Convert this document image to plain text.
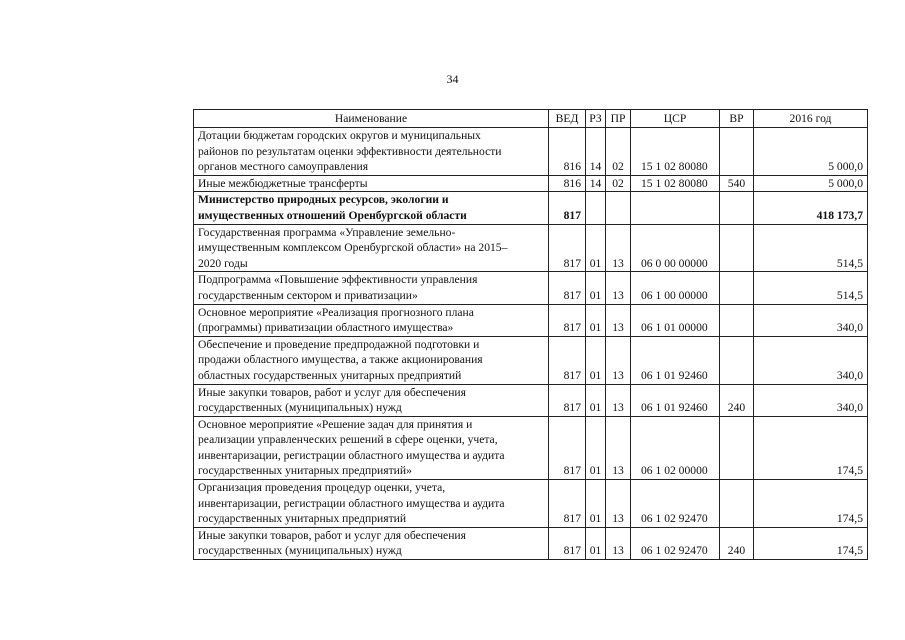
34
Наименование	ВЕД	РЗ	ПР	ЦСР	ВР	2016 год

Дотации бюджетам городских округов и муниципальных
районов по результатам оценки эффективности деятельности
органов местного самоуправления	816	14	02	15 1 02 80080		5 000,0

Иные межбюджетные трансферты	816	14	02	15 1 02 80080	540	5 000,0

Министерство природных ресурсов, экологии и
имущественных отношений Оренбургской области	817					418 173,7

Государственная программа «Управление земельно-
имущественным комплексом Оренбургской области» на 2015–
2020 годы	817	01	13	06 0 00 00000		514,5

Подпрограмма «Повышение эффективности управления
государственным сектором и приватизации»	817	01	13	06 1 00 00000		514,5

Основное мероприятие «Реализация прогнозного плана
(программы) приватизации областного имущества»	817	01	13	06 1 01 00000		340,0

Обеспечение и проведение предпродажной подготовки и
продажи областного имущества, а также акционирования
областных государственных унитарных предприятий	817	01	13	06 1 01 92460		340,0

Иные закупки товаров, работ и услуг для обеспечения
государственных (муниципальных) нужд	817	01	13	06 1 01 92460	240	340,0

Основное мероприятие «Решение задач для принятия и
реализации управленческих решений в сфере оценки, учета,
инвентаризации, регистрации областного имущества и аудита
государственных унитарных предприятий»	817	01	13	06 1 02 00000		174,5

Организация проведения процедур оценки, учета,
инвентаризации, регистрации областного имущества и аудита
государственных унитарных предприятий	817	01	13	06 1 02 92470		174,5

Иные закупки товаров, работ и услуг для обеспечения
государственных (муниципальных) нужд	817	01	13	06 1 02 92470	240	174,5
